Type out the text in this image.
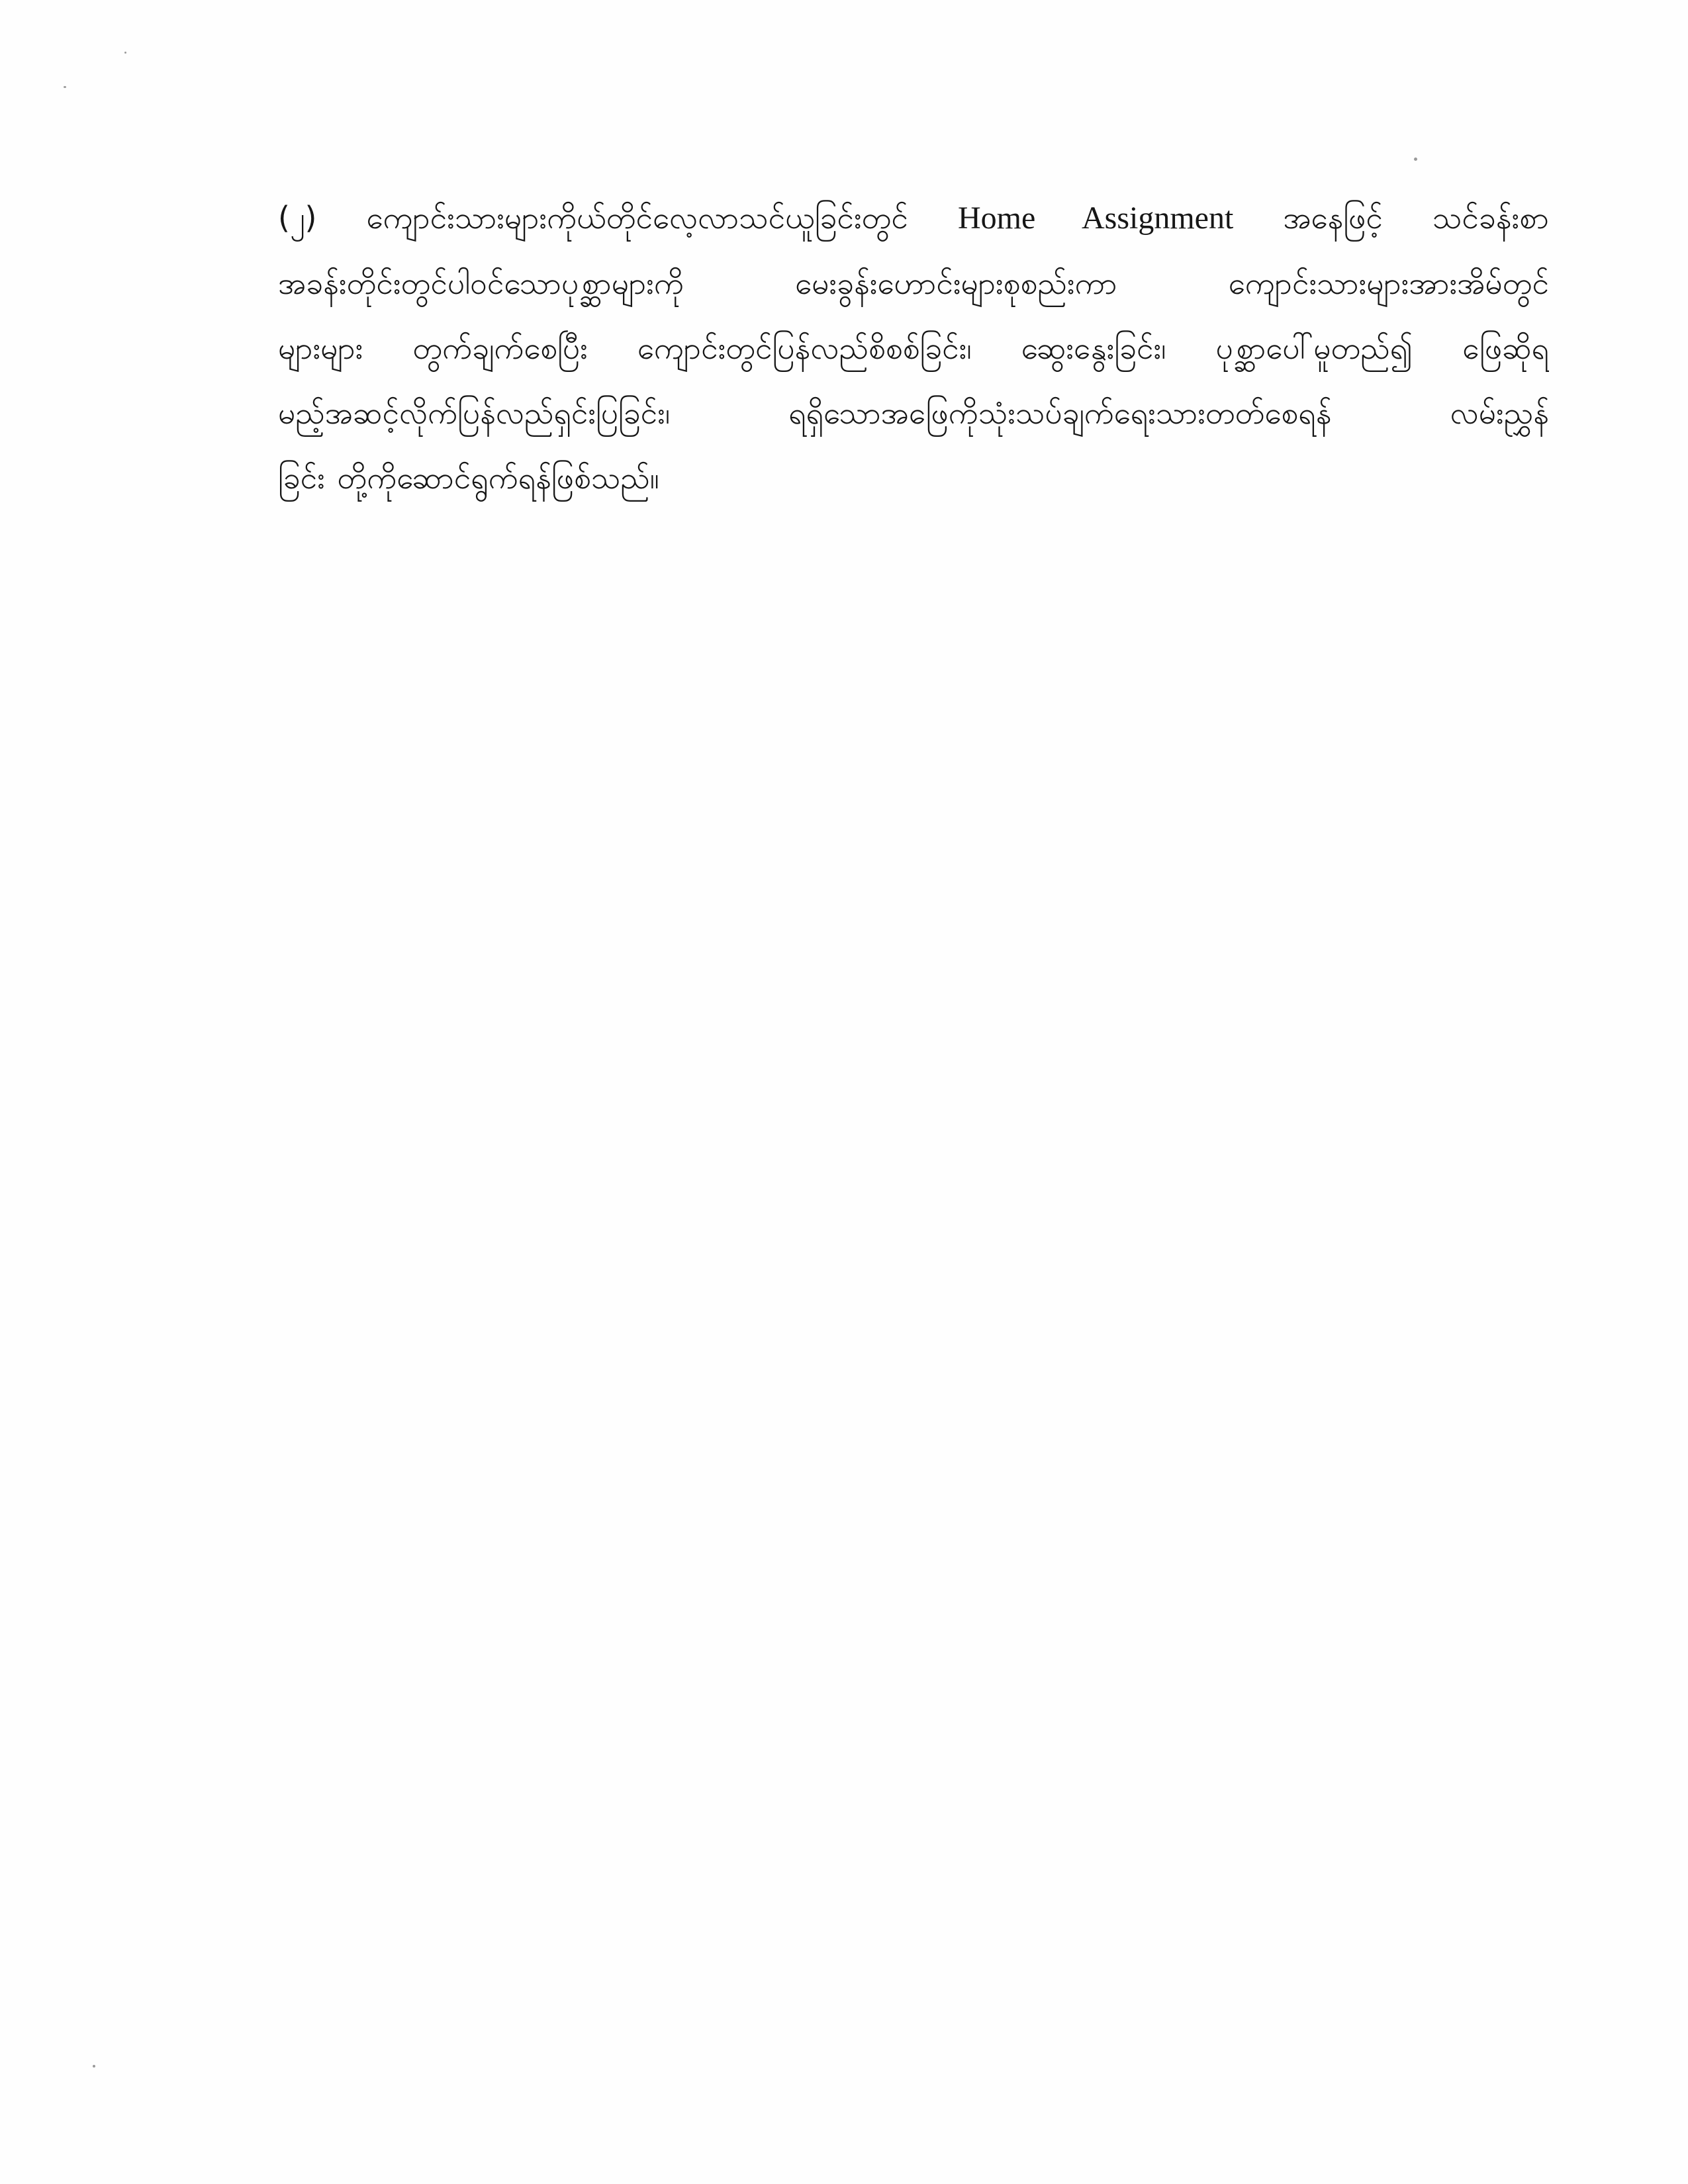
(၂) ကျောင်းသားများကိုယ်တိုင်လေ့လာသင်ယူခြင်းတွင် Home Assignment အနေဖြင့် သင်ခန်းစာ
အခန်းတိုင်းတွင်ပါဝင်သောပုစ္ဆာများကို မေးခွန်းဟောင်းများစုစည်းကာ ကျောင်းသားများအားအိမ်တွင်
များများ တွက်ချက်စေပြီး ကျောင်းတွင်ပြန်လည်စိစစ်ခြင်း၊ ဆွေးနွေးခြင်း၊ ပုစ္ဆာပေါ်မူတည်၍ ဖြေဆိုရ
မည့်အဆင့်လိုက်ပြန်လည်ရှင်းပြခြင်း၊ ရရှိသောအဖြေကိုသုံးသပ်ချက်ရေးသားတတ်စေရန် လမ်းညွှန်
ခြင်း တို့ကိုဆောင်ရွက်ရန်ဖြစ်သည်။
